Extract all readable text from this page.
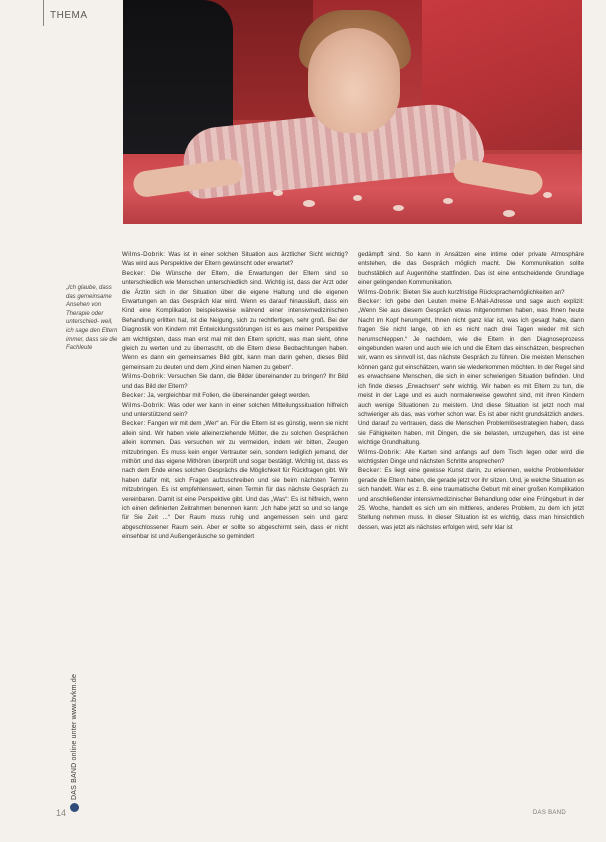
THEMA
„Ich glaube, dass das gemeinsame Ansehen von Therapie oder unterschied- weil, ich sage den Eltern immer, dass sie die Fachleute

Wilms-Dobrik: Was ist in einer solchen Situation aus ärztlicher Sicht wichtig? Was wird aus Perspektive der Eltern gewünscht oder erwartet?

Becker: Die Wünsche der Eltern, die Erwartungen der Eltern sind so unterschiedlich wie Menschen unterschiedlich sind. Wichtig ist, dass der Arzt oder die Ärztin sich in der Situation über die eigene Haltung und die eigenen Erwartungen an das Gespräch klar wird. Wenn es darauf hinausläuft, dass ein Kind eine Komplikation beispielsweise während einer intensivmedizinischen Behandlung erlitten hat, ist die Neigung, sich zu rechtfertigen, sehr groß. Bei der Diagnostik von Kindern mit Entwicklungsstörungen ist es aus meiner Perspektive am wichtigsten, dass man erst mal mit den Eltern spricht, was man sieht, ohne gleich zu werten und zu überrascht, ob die Eltern diese Beobachtungen haben. Wenn es dann ein gemeinsames Bild gibt, kann man darin gehen, dieses Bild gemeinsam zu deuten und dem „Kind einen Namen zu geben“.

Wilms-Dobrik: Versuchen Sie dann, die Bilder übereinander zu bringen? Ihr Bild und das Bild der Eltern?

Becker: Ja, vergleichbar mit Folien, die übereinander gelegt werden.

Wilms-Dobrik: Was oder wer kann in einer solchen Mitteilungssituation hilfreich und unterstützend sein?

Becker: Fangen wir mit dem „Wer“ an. Für die Eltern ist es günstig, wenn sie nicht allein sind. Wir haben viele alleinerziehende Mütter, die zu solchen Gesprächen allein kommen. Das versuchen wir zu vermeiden, indem wir bitten, Zeugen mitzubringen. Es muss kein enger Vertrauter sein, sondern lediglich jemand, der mithört und das eigene Mithören überprüft und sogar bestätigt. Wichtig ist, dass es nach dem Ende eines solchen Gesprächs die Möglichkeit für Rückfragen gibt. Wir haben dafür mit, sich Fragen aufzuschreiben und sie beim nächsten Termin mitzubringen. Es ist empfehlenswert, einen Termin für das nächste Gespräch zu vereinbaren. Damit ist eine Perspektive gibt. Und das „Was“: Es ist hilfreich, wenn ich einen definierten Zeitrahmen benennen kann: „Ich habe jetzt so und so lange für Sie Zeit ...“ Der Raum muss ruhig und angemessen sein und ganz abgeschlossener Raum sein. Aber er sollte so abgeschirmt sein, dass er nicht einsehbar ist und Außengeräusche so gemindert

gedämpft sind. So kann in Ansätzen eine intime oder private Atmosphäre entstehen, die das Gespräch möglich macht. Die Kommunikation sollte buchstäblich auf Augenhöhe stattfinden. Das ist eine entscheidende Grundlage einer gelingenden Kommunikation.

Wilms-Dobrik: Bieten Sie auch kurzfristige Rücksprachemöglichkeiten an?

Becker: Ich gebe den Leuten meine E-Mail-Adresse und sage auch explizit: „Wenn Sie aus diesem Gespräch etwas mitgenommen haben, was Ihnen heute Nacht im Kopf herumgeht, Ihnen nicht ganz klar ist, was ich gesagt habe, dann fragen Sie nicht lange, ob ich es nicht nach drei Tagen wieder mit sich herumschleppen.“ Je nachdem, wie die Eltern in den Diagnoseprozess eingebunden waren und auch wie ich und die Eltern das einschätzen, besprechen wir, wann es sinnvoll ist, das nächste Gespräch zu führen. Die meisten Menschen können ganz gut einschätzen, wann sie wiederkommen möchten. In der Regel sind es erwachsene Menschen, die sich in einer schwierigen Situation befinden. Und ich finde dieses „Erwachsen“ sehr wichtig. Wir haben es mit Eltern zu tun, die meist in der Lage und es auch normalerweise gewohnt sind, mit ihren Kindern auch wenige Situationen zu meistern. Und diese Situation ist jetzt noch mal schwieriger als das, was vorher schon war. Es ist aber nicht grundsätzlich anders. Und darauf zu vertrauen, dass die Menschen Problemlösestrategien haben, dass sie Fähigkeiten haben, mit Dingen, die sie belasten, umzugehen, das ist eine wichtige Grundhaltung.

Wilms-Dobrik: Alle Karten sind anfangs auf dem Tisch legen oder wird die wichtigsten Dinge und nächsten Schritte ansprechen?

Becker: Es liegt eine gewisse Kunst darin, zu erkennen, welche Problemfelder gerade die Eltern haben, die gerade jetzt vor ihr sitzen. Und, je welche Situation es sich handelt. War es z. B. eine traumatische Geburt mit einer großen Komplikation und anschließender intensivmedizinischer Behandlung oder eine Frühgeburt in der 25. Woche, handelt es sich um ein mittleres, anderes Problem, zu dem ich jetzt Stellung nehmen muss. In dieser Situation ist es wichtig, dass man hinsichtlich dessen, was jetzt als nächstes erfolgen wird, sehr klar ist

DAS BAND online unter www.bvkm.de
14	DAS BAND
